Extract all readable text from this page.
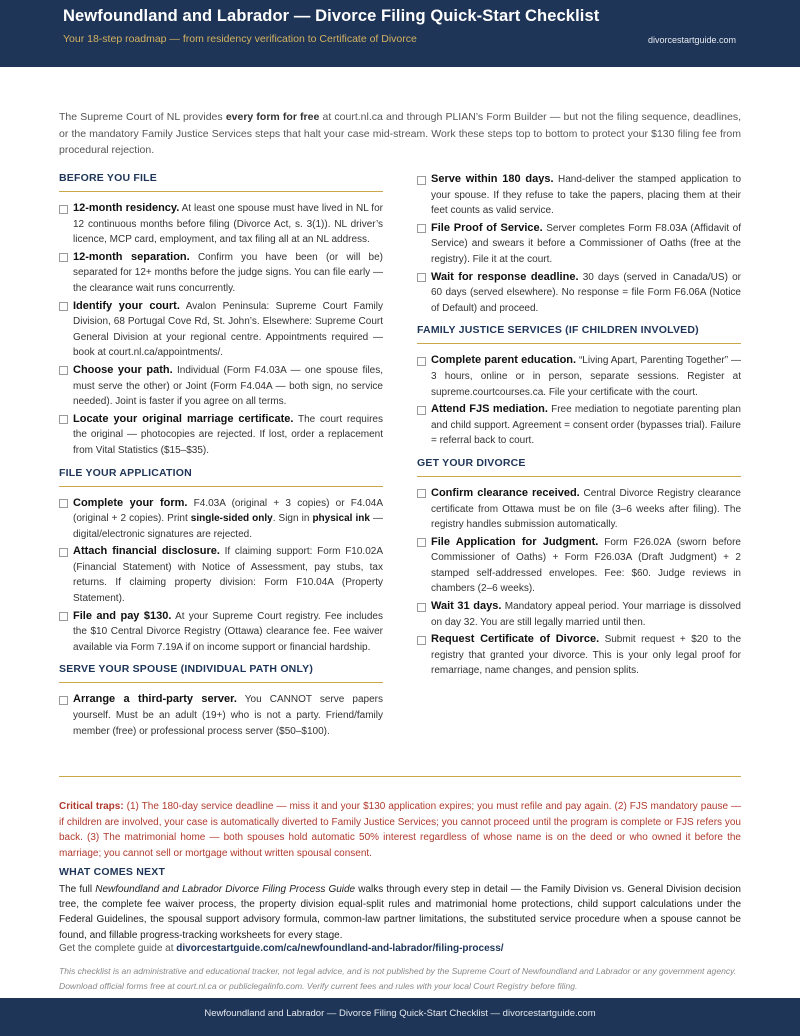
Newfoundland and Labrador — Divorce Filing Quick-Start Checklist
Your 18-step roadmap — from residency verification to Certificate of Divorce	divorcestartguide.com

The Supreme Court of NL provides every form for free at court.nl.ca and through PLIAN’s Form Builder — but not the filing sequence, deadlines, or the mandatory Family Justice Services steps that halt your case mid-stream. Work these steps top to bottom to protect your $130 filing fee from procedural rejection.

BEFORE YOU FILE
12-month residency. At least one spouse must have lived in NL for 12 continuous months before filing (Divorce Act, s. 3(1)). NL driver’s licence, MCP card, employment, and tax filing all at an NL address.
12-month separation. Confirm you have been (or will be) separated for 12+ months before the judge signs. You can file early — the clearance wait runs concurrently.
Identify your court. Avalon Peninsula: Supreme Court Family Division, 68 Portugal Cove Rd, St. John’s. Elsewhere: Supreme Court General Division at your regional centre. Appointments required — book at court.nl.ca/appointments/.
Choose your path. Individual (Form F4.03A — one spouse files, must serve the other) or Joint (Form F4.04A — both sign, no service needed). Joint is faster if you agree on all terms.
Locate your original marriage certificate. The court requires the original — photocopies are rejected. If lost, order a replacement from Vital Statistics ($15–$35).
FILE YOUR APPLICATION
Complete your form. F4.03A (original + 3 copies) or F4.04A (original + 2 copies). Print single-sided only. Sign in physical ink — digital/electronic signatures are rejected.
Attach financial disclosure. If claiming support: Form F10.02A (Financial Statement) with Notice of Assessment, pay stubs, tax returns. If claiming property division: Form F10.04A (Property Statement).
File and pay $130. At your Supreme Court registry. Fee includes the $10 Central Divorce Registry (Ottawa) clearance fee. Fee waiver available via Form 7.19A if on income support or financial hardship.
SERVE YOUR SPOUSE (INDIVIDUAL PATH ONLY)
Arrange a third-party server. You CANNOT serve papers yourself. Must be an adult (19+) who is not a party. Friend/family member (free) or professional process server ($50–$100).
Serve within 180 days. Hand-deliver the stamped application to your spouse. If they refuse to take the papers, placing them at their feet counts as valid service.
File Proof of Service. Server completes Form F8.03A (Affidavit of Service) and swears it before a Commissioner of Oaths (free at the registry). File it at the court.
Wait for response deadline. 30 days (served in Canada/US) or 60 days (served elsewhere). No response = file Form F6.06A (Notice of Default) and proceed.
FAMILY JUSTICE SERVICES (IF CHILDREN INVOLVED)
Complete parent education. “Living Apart, Parenting Together” — 3 hours, online or in person, separate sessions. Register at supreme.courtcourses.ca. File your certificate with the court.
Attend FJS mediation. Free mediation to negotiate parenting plan and child support. Agreement = consent order (bypasses trial). Failure = referral back to court.
GET YOUR DIVORCE
Confirm clearance received. Central Divorce Registry clearance certificate from Ottawa must be on file (3–6 weeks after filing). The registry handles submission automatically.
File Application for Judgment. Form F26.02A (sworn before Commissioner of Oaths) + Form F26.03A (Draft Judgment) + 2 stamped self-addressed envelopes. Fee: $60. Judge reviews in chambers (2–6 weeks).
Wait 31 days. Mandatory appeal period. Your marriage is dissolved on day 32. You are still legally married until then.
Request Certificate of Divorce. Submit request + $20 to the registry that granted your divorce. This is your only legal proof for remarriage, name changes, and pension splits.

Critical traps: (1) The 180-day service deadline — miss it and your $130 application expires; you must refile and pay again. (2) FJS mandatory pause — if children are involved, your case is automatically diverted to Family Justice Services; you cannot proceed until the program is complete or FJS refers you back. (3) The matrimonial home — both spouses hold automatic 50% interest regardless of whose name is on the deed or who owned it before the marriage; you cannot sell or mortgage without written spousal consent.

WHAT COMES NEXT

The full Newfoundland and Labrador Divorce Filing Process Guide walks through every step in detail — the Family Division vs. General Division decision tree, the complete fee waiver process, the property division equal-split rules and matrimonial home protections, child support calculations under the Federal Guidelines, the spousal support advisory formula, common-law partner limitations, the substituted service procedure when a spouse cannot be found, and fillable progress-tracking worksheets for every stage.

Get the complete guide at divorcestartguide.com/ca/newfoundland-and-labrador/filing-process/

This checklist is an administrative and educational tracker, not legal advice, and is not published by the Supreme Court of Newfoundland and Labrador or any government agency. Download official forms free at court.nl.ca or publiclegalinfo.com. Verify current fees and rules with your local Court Registry before filing.

Newfoundland and Labrador — Divorce Filing Quick-Start Checklist — divorcestartguide.com
